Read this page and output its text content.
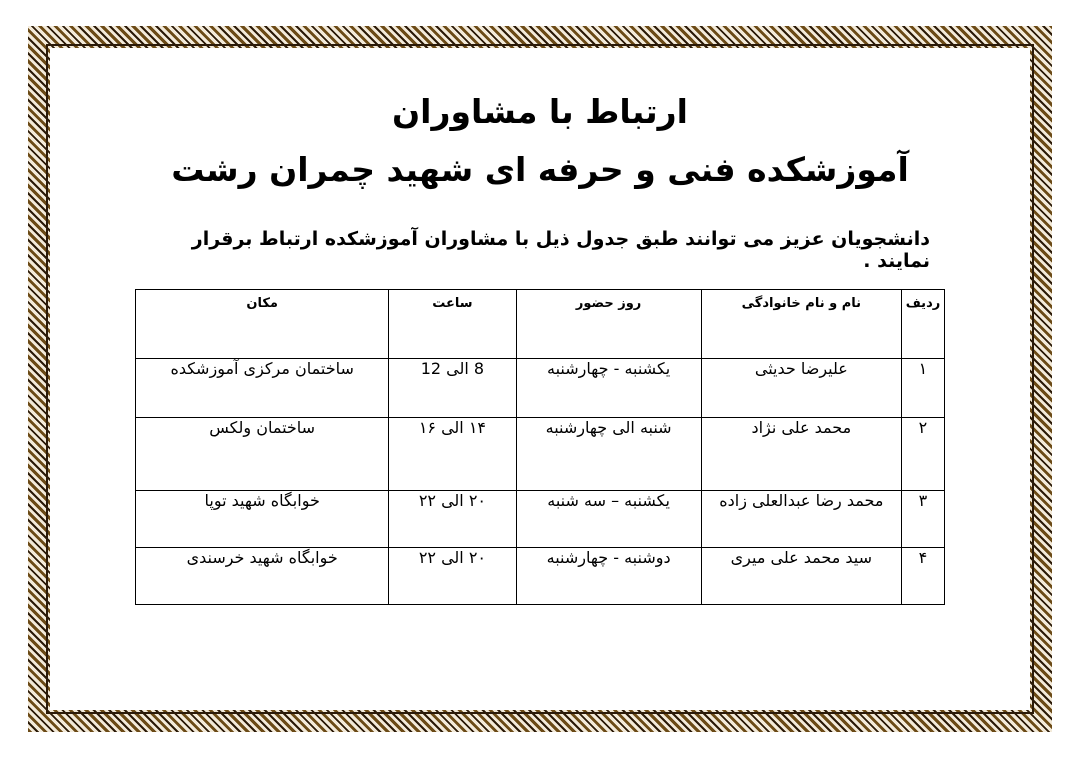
ارتباط با مشاوران
آموزشکده فنی و حرفه ای شهید چمران رشت
دانشجویان عزیز می توانند طبق جدول ذیل با مشاوران آموزشکده ارتباط برقرار نمایند .
ردیف	نام و نام خانوادگی	روز حضور	ساعت	مکان
۱	علیرضا حدیثی	یکشنبه - چهارشنبه	8 الی 12	ساختمان مرکزی آموزشکده
۲	محمد علی نژاد	شنبه الی چهارشنبه	۱۴ الی ۱۶	ساختمان ولکس
۳	محمد رضا عبدالعلی زاده	یکشنبه – سه شنبه	۲۰ الی ۲۲	خوابگاه شهید توپا
۴	سید محمد علی میری	دوشنبه - چهارشنبه	۲۰ الی ۲۲	خوابگاه شهید خرسندی
